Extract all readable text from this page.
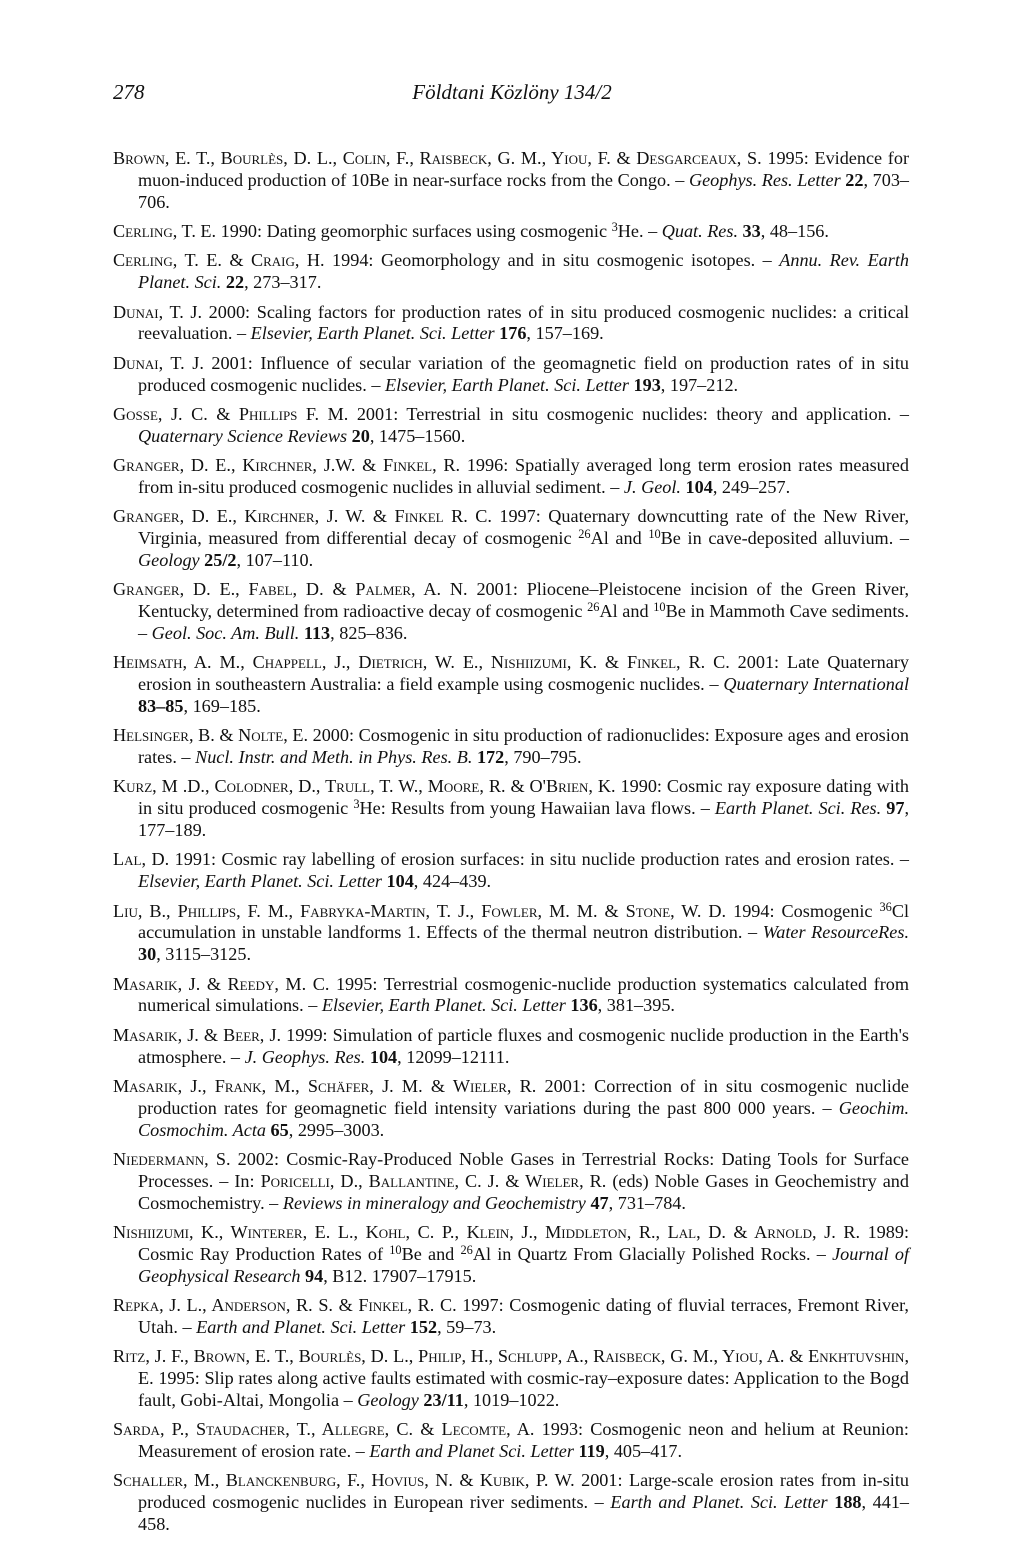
278	Földtani Közlöny 134/2
Brown, E. T., Bourlès, D. L., Colin, F., Raisbeck, G. M., Yiou, F. & Desgarceaux, S. 1995: Evidence for muon-induced production of 10Be in near-surface rocks from the Congo. – Geophys. Res. Letter 22, 703–706.
Cerling, T. E. 1990: Dating geomorphic surfaces using cosmogenic $^3$He. – Quat. Res. 33, 48–156.
Cerling, T. E. & Craig, H. 1994: Geomorphology and in situ cosmogenic isotopes. – Annu. Rev. Earth Planet. Sci. 22, 273–317.
Dunai, T. J. 2000: Scaling factors for production rates of in situ produced cosmogenic nuclides: a critical reevaluation. – Elsevier, Earth Planet. Sci. Letter 176, 157–169.
Dunai, T. J. 2001: Influence of secular variation of the geomagnetic field on production rates of in situ produced cosmogenic nuclides. – Elsevier, Earth Planet. Sci. Letter 193, 197–212.
Gosse, J. C. & Phillips F. M. 2001: Terrestrial in situ cosmogenic nuclides: theory and application. – Quaternary Science Reviews 20, 1475–1560.
Granger, D. E., Kirchner, J.W. & Finkel, R. 1996: Spatially averaged long term erosion rates measured from in-situ produced cosmogenic nuclides in alluvial sediment. – J. Geol. 104, 249–257.
Granger, D. E., Kirchner, J. W. & Finkel R. C. 1997: Quaternary downcutting rate of the New River, Virginia, measured from differential decay of cosmogenic $^{26}$Al and $^{10}$Be in cave-deposited alluvium. – Geology 25/2, 107–110.
Granger, D. E., Fabel, D. & Palmer, A. N. 2001: Pliocene–Pleistocene incision of the Green River, Kentucky, determined from radioactive decay of cosmogenic $^{26}$Al and $^{10}$Be in Mammoth Cave sediments. – Geol. Soc. Am. Bull. 113, 825–836.
Heimsath, A. M., Chappell, J., Dietrich, W. E., Nishiizumi, K. & Finkel, R. C. 2001: Late Quaternary erosion in southeastern Australia: a field example using cosmogenic nuclides. – Quaternary International 83–85, 169–185.
Helsinger, B. & Nolte, E. 2000: Cosmogenic in situ production of radionuclides: Exposure ages and erosion rates. – Nucl. Instr. and Meth. in Phys. Res. B. 172, 790–795.
Kurz, M .D., Colodner, D., Trull, T. W., Moore, R. & O'Brien, K. 1990: Cosmic ray exposure dating with in situ produced cosmogenic $^3$He: Results from young Hawaiian lava flows. – Earth Planet. Sci. Res. 97, 177–189.
Lal, D. 1991: Cosmic ray labelling of erosion surfaces: in situ nuclide production rates and erosion rates. – Elsevier, Earth Planet. Sci. Letter 104, 424–439.
Liu, B., Phillips, F. M., Fabryka-Martin, T. J., Fowler, M. M. & Stone, W. D. 1994: Cosmogenic $^{36}$Cl accumulation in unstable landforms 1. Effects of the thermal neutron distribution. – Water ResourceRes. 30, 3115–3125.
Masarik, J. & Reedy, M. C. 1995: Terrestrial cosmogenic-nuclide production systematics calculated from numerical simulations. – Elsevier, Earth Planet. Sci. Letter 136, 381–395.
Masarik, J. & Beer, J. 1999: Simulation of particle fluxes and cosmogenic nuclide production in the Earth's atmosphere. – J. Geophys. Res. 104, 12099–12111.
Masarik, J., Frank, M., Schäfer, J. M. & Wieler, R. 2001: Correction of in situ cosmogenic nuclide production rates for geomagnetic field intensity variations during the past 800 000 years. – Geochim. Cosmochim. Acta 65, 2995–3003.
Niedermann, S. 2002: Cosmic-Ray-Produced Noble Gases in Terrestrial Rocks: Dating Tools for Surface Processes. – In: Poricelli, D., Ballantine, C. J. & Wieler, R. (eds) Noble Gases in Geochemistry and Cosmochemistry. – Reviews in mineralogy and Geochemistry 47, 731–784.
Nishiizumi, K., Winterer, E. L., Kohl, C. P., Klein, J., Middleton, R., Lal, D. & Arnold, J. R. 1989: Cosmic Ray Production Rates of $^{10}$Be and $^{26}$Al in Quartz From Glacially Polished Rocks. – Journal of Geophysical Research 94, B12. 17907–17915.
Repka, J. L., Anderson, R. S. & Finkel, R. C. 1997: Cosmogenic dating of fluvial terraces, Fremont River, Utah. – Earth and Planet. Sci. Letter 152, 59–73.
Ritz, J. F., Brown, E. T., Bourlès, D. L., Philip, H., Schlupp, A., Raisbeck, G. M., Yiou, A. & Enkhtuvshin, E. 1995: Slip rates along active faults estimated with cosmic-ray–exposure dates: Application to the Bogd fault, Gobi-Altai, Mongolia – Geology 23/11, 1019–1022.
Sarda, P., Staudacher, T., Allegre, C. & Lecomte, A. 1993: Cosmogenic neon and helium at Reunion: Measurement of erosion rate. – Earth and Planet Sci. Letter 119, 405–417.
Schaller, M., Blanckenburg, F., Hovius, N. & Kubik, P. W. 2001: Large-scale erosion rates from in-situ produced cosmogenic nuclides in European river sediments. – Earth and Planet. Sci. Letter 188, 441–458.
